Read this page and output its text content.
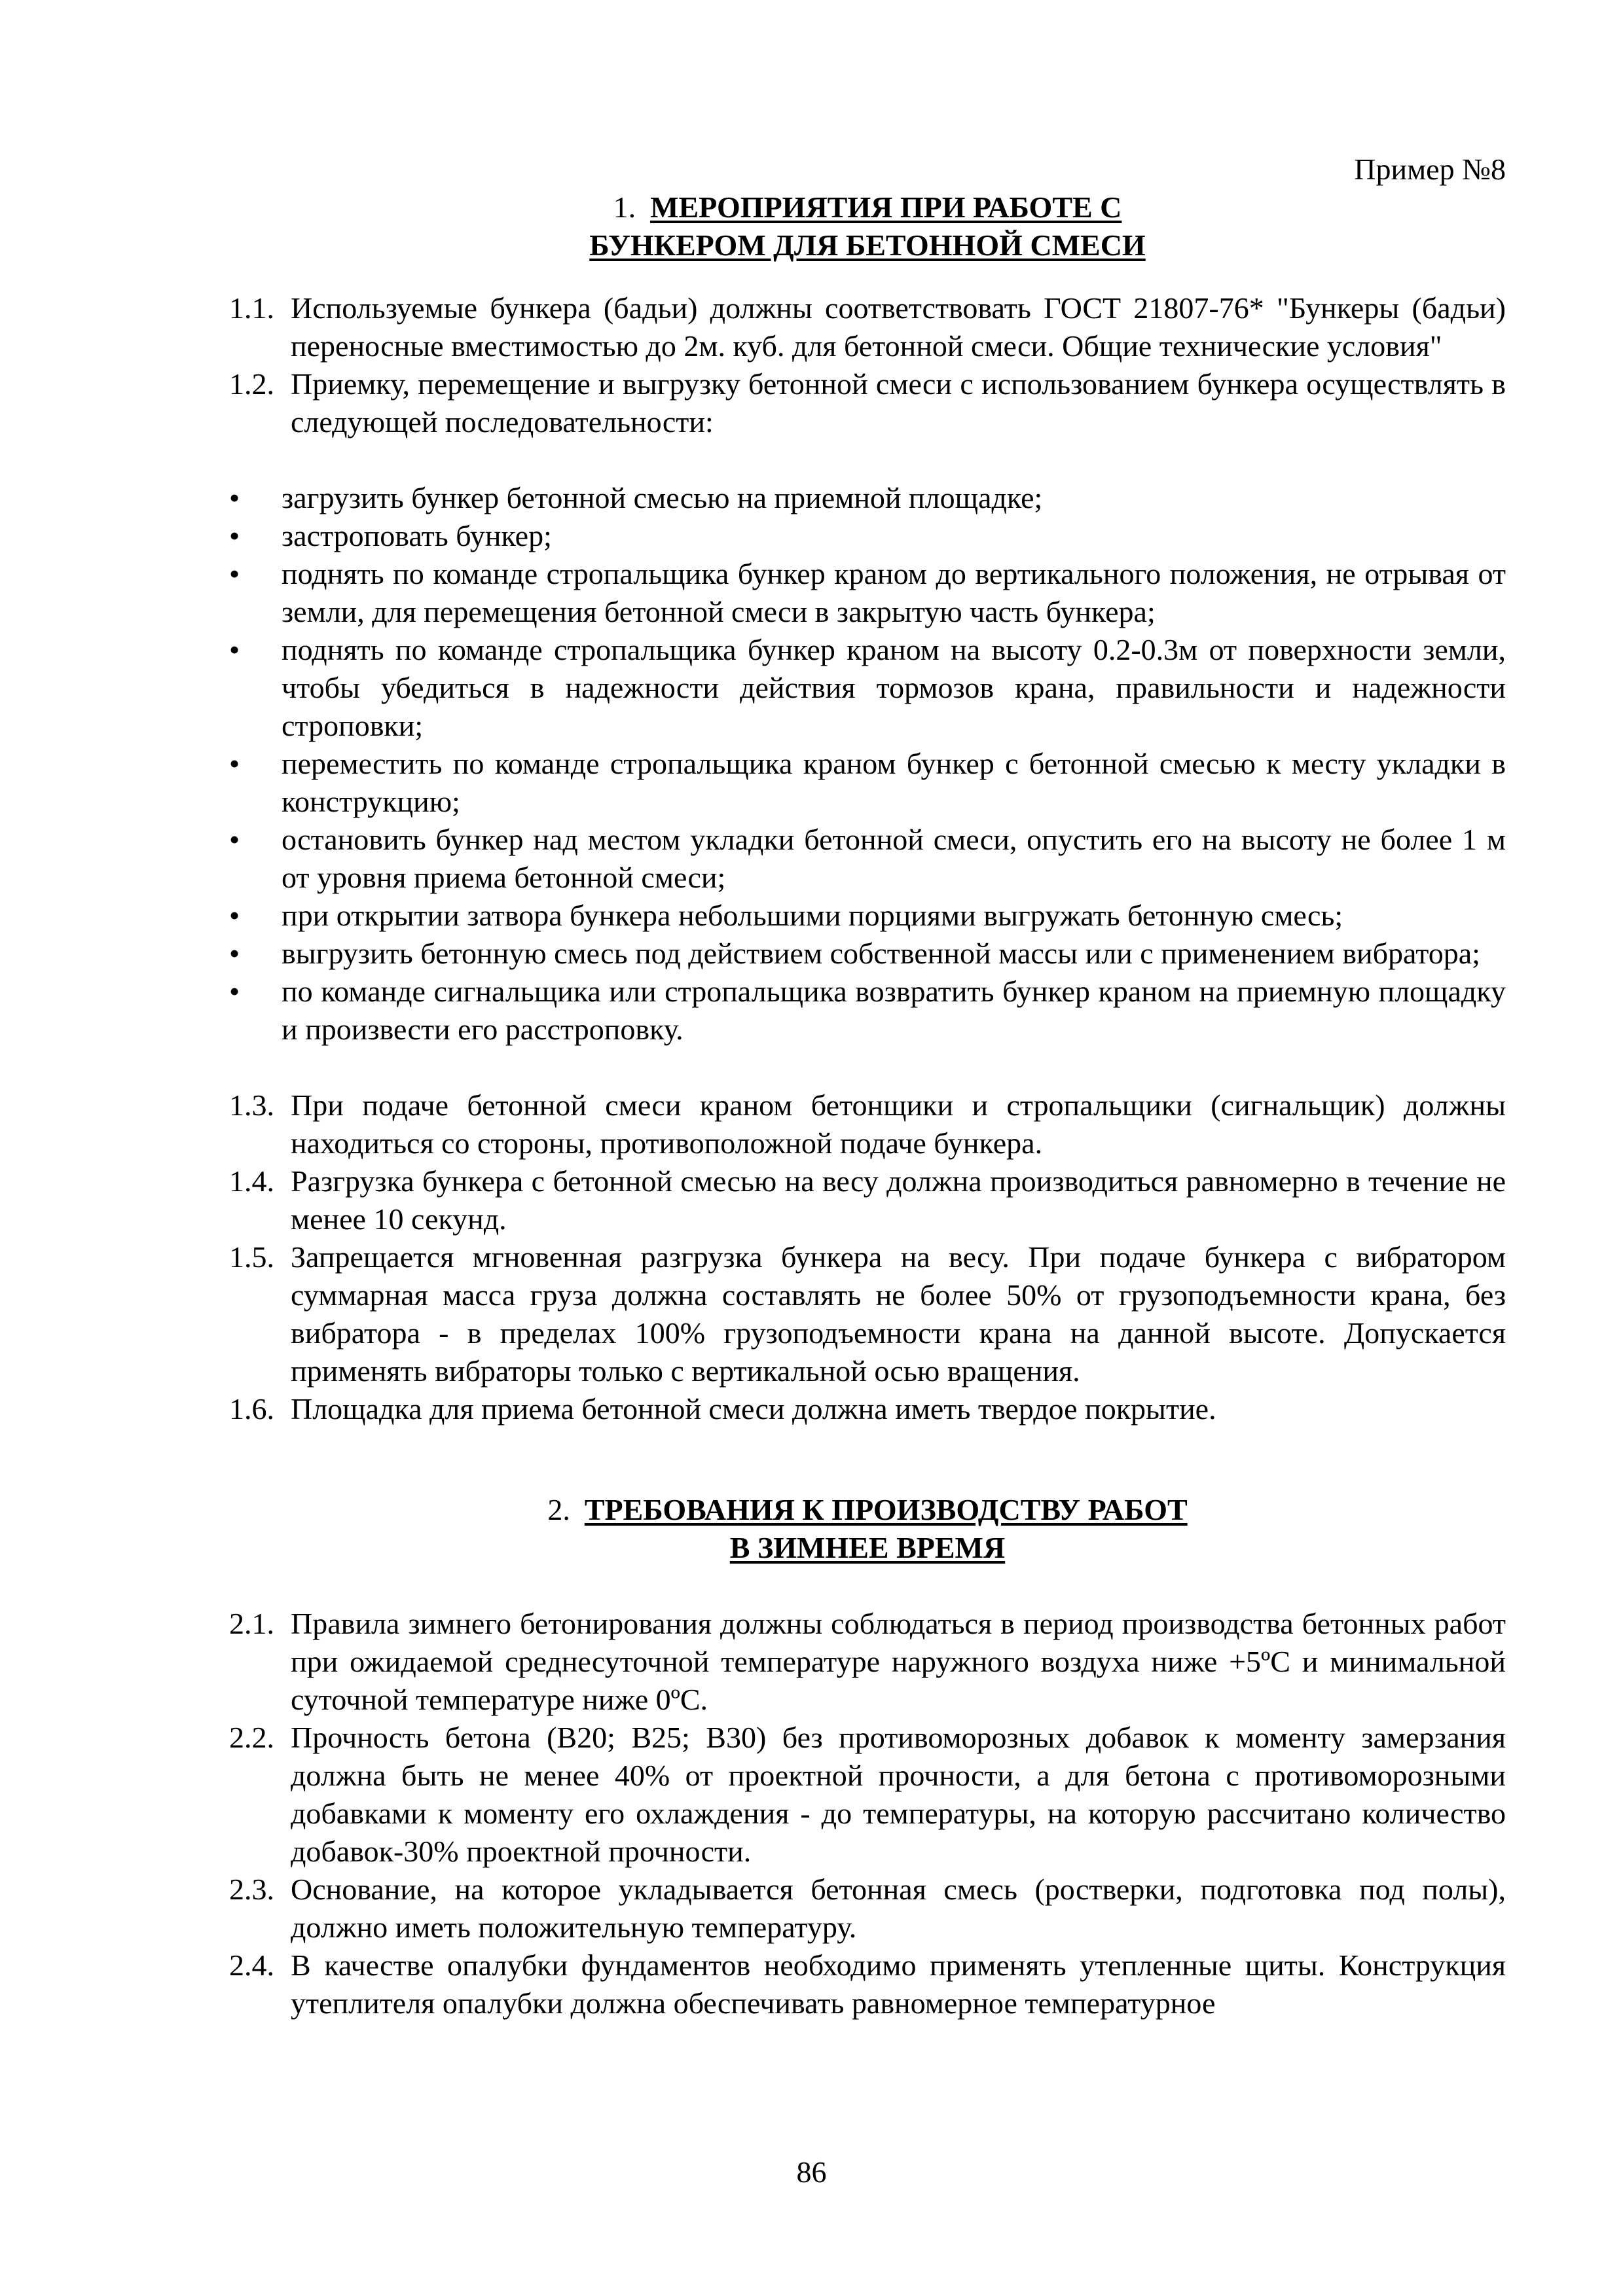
Пример №8
1. МЕРОПРИЯТИЯ ПРИ РАБОТЕ С
БУНКЕРОМ ДЛЯ БЕТОННОЙ СМЕСИ
1.1. Используемые бункера (бадьи) должны соответствовать ГОСТ 21807-76* "Бункеры (бадьи) переносные вместимостью до 2м. куб. для бетонной смеси. Общие технические условия"
1.2. Приемку, перемещение и выгрузку бетонной смеси с использованием бункера осуществлять в следующей последовательности:
•	загрузить бункер бетонной смесью на приемной площадке;
•	застроповать бункер;
•	поднять по команде стропальщика бункер краном до вертикального положения, не отрывая от земли, для перемещения бетонной смеси в закрытую часть бункера;
•	поднять по команде стропальщика бункер краном на высоту 0.2-0.3м от поверхности земли, чтобы убедиться в надежности действия тормозов крана, правильности и надежности строповки;
•	переместить по команде стропальщика краном бункер с бетонной смесью к месту укладки в конструкцию;
•	остановить бункер над местом укладки бетонной смеси, опустить его на высоту не более 1 м от уровня приема бетонной смеси;
•	при открытии затвора бункера небольшими порциями выгружать бетонную смесь;
•	выгрузить бетонную смесь под действием собственной массы или с применением вибратора;
•	по команде сигнальщика или стропальщика возвратить бункер краном на приемную площадку и произвести его расстроповку.
1.3. При подаче бетонной смеси краном бетонщики и стропальщики (сигнальщик) должны находиться со стороны, противоположной подаче бункера.
1.4. Разгрузка бункера с бетонной смесью на весу должна производиться равномерно в течение не менее 10 секунд.
1.5. Запрещается мгновенная разгрузка бункера на весу. При подаче бункера с вибратором суммарная масса груза должна составлять не более 50% от грузоподъемности крана, без вибратора - в пределах 100% грузоподъемности крана на данной высоте. Допускается применять вибраторы только с вертикальной осью вращения.
1.6. Площадка для приема бетонной смеси должна иметь твердое покрытие.
2. ТРЕБОВАНИЯ К ПРОИЗВОДСТВУ РАБОТ
В ЗИМНЕЕ ВРЕМЯ
2.1. Правила зимнего бетонирования должны соблюдаться в период производства бетонных работ при ожидаемой среднесуточной температуре наружного воздуха ниже +5ºС и минимальной суточной температуре ниже 0ºС.
2.2. Прочность бетона (В20; В25; В30) без противоморозных добавок к моменту замерзания должна быть не менее 40% от проектной прочности, а для бетона с противоморозными добавками к моменту его охлаждения - до температуры, на которую рассчитано количество добавок-30% проектной прочности.
2.3. Основание, на которое укладывается бетонная смесь (ростверки, подготовка под полы), должно иметь положительную температуру.
2.4. В качестве опалубки фундаментов необходимо применять утепленные щиты. Конструкция утеплителя опалубки должна обеспечивать равномерное температурное
86
